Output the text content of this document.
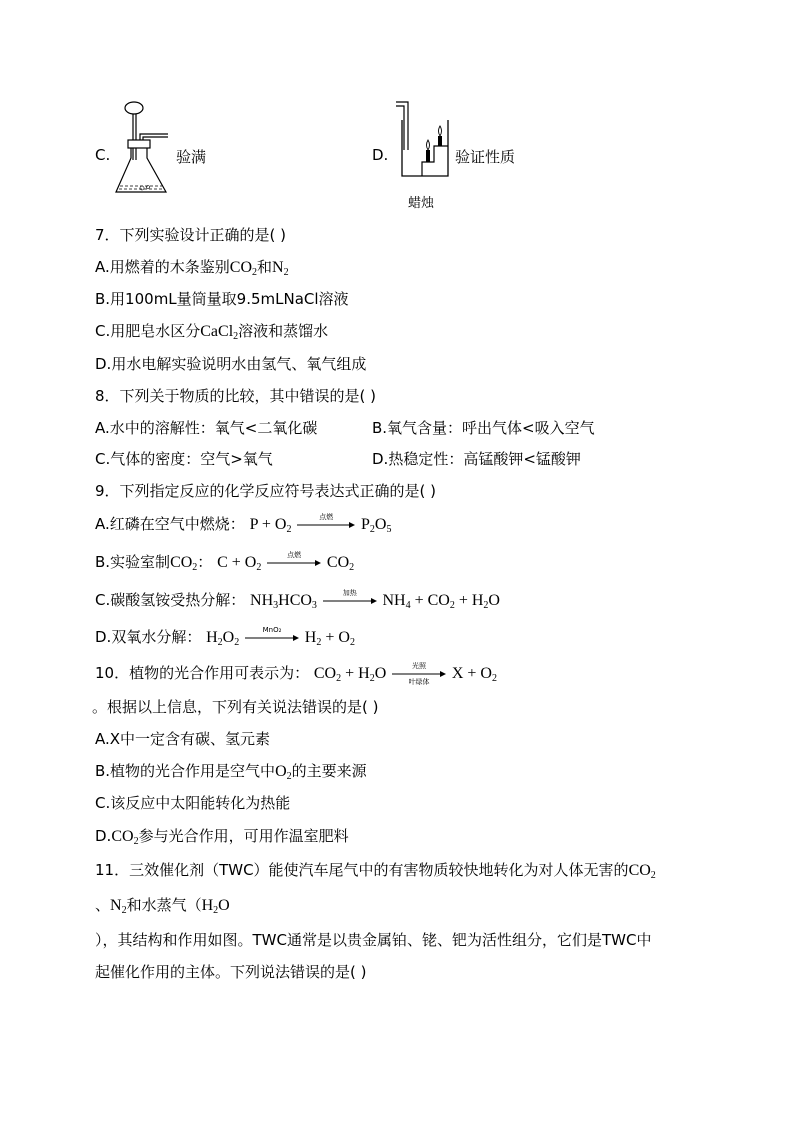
C.	验满	D.	验证性质
蜡烛
7．下列实验设计正确的是( )
A.用燃着的木条鉴别$CO_2$和$N_2$
B.用100mL量筒量取9.5mLNaCl溶液
C.用肥皂水区分CaCl$_2$溶液和蒸馏水
D.用水电解实验说明水由氢气、氧气组成
8．下列关于物质的比较，其中错误的是( )
A.水中的溶解性：氧气<二氧化碳	B.氧气含量：呼出气体<吸入空气
C.气体的密度：空气>氧气	D.热稳定性：高锰酸钾<锰酸钾
9．下列指定反应的化学反应符号表达式正确的是( )
A.红磷在空气中燃烧： $P + O_2$
点燃	$P_2O_5$
B.实验室制$CO_2$： $C + O_2$
点燃	$CO_2$
C.碳酸氢铵受热分解： $NH_3HCO_3$
加热	$NH_4 + CO_2 + H_2O$
D.双氧水分解： $H_2O_2$
MnO₂	$H_2 + O_2$
10．植物的光合作用可表示为： $CO_2 + H_2O$	光照
叶绿体	$X + O_2$
。根据以上信息，下列有关说法错误的是( )
A.X中一定含有碳、氢元素
B.植物的光合作用是空气中$O_2$的主要来源
C.该反应中太阳能转化为热能
$D.CO_2$参与光合作用，可用作温室肥料
11．三效催化剂（TWC）能使汽车尾气中的有害物质较快地转化为对人体无害的$CO_2$
、$N_2$和水蒸气（$H_2O$
），其结构和作用如图。TWC通常是以贵金属铂、铑、钯为活性组分，它们是TWC中
起催化作用的主体。下列说法错误的是( )
